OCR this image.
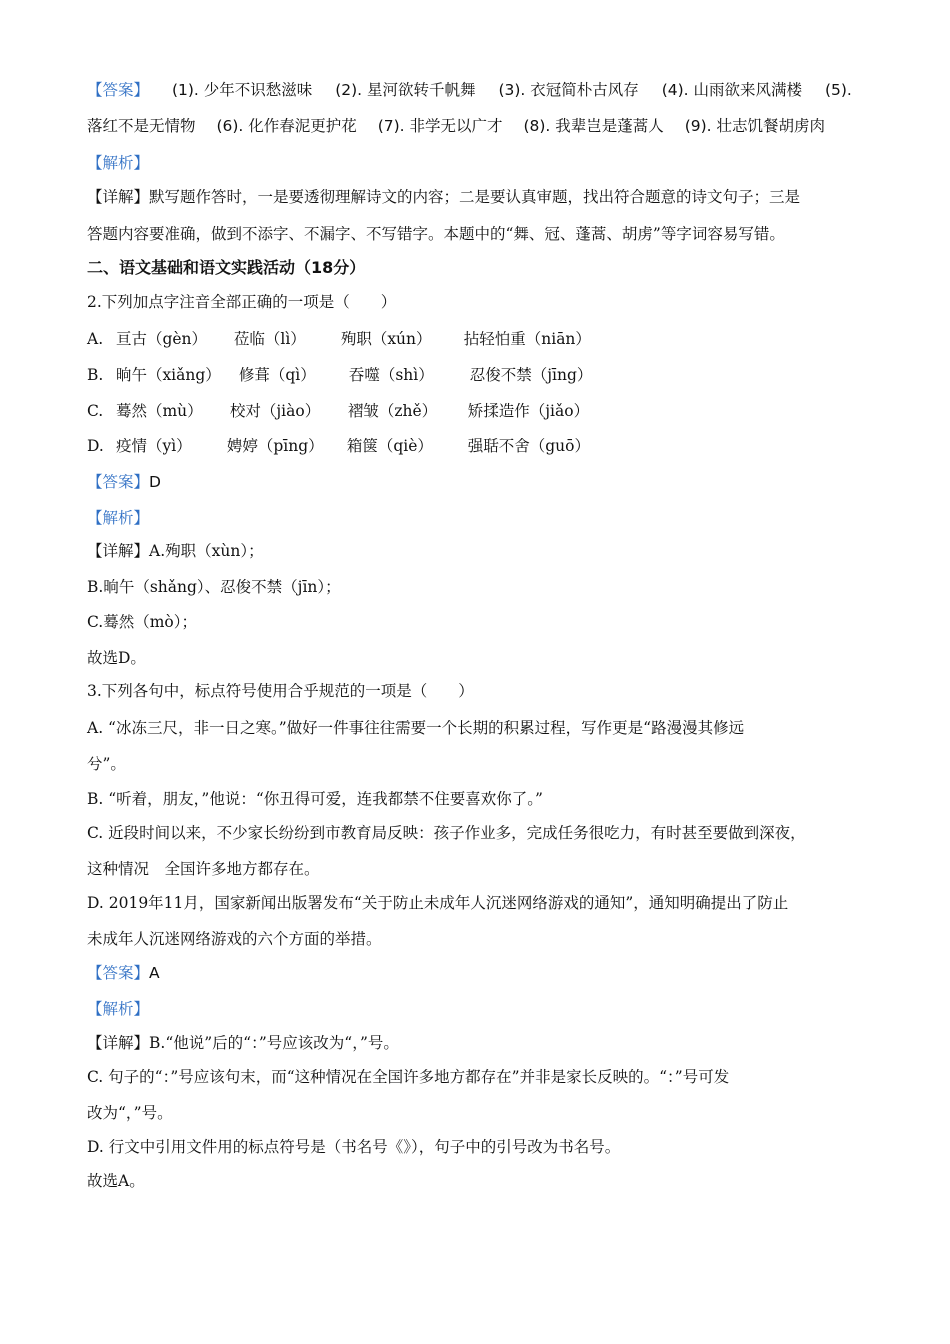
【答案】 (1). 少年不识愁滋味 (2). 星河欲转千帆舞 (3). 衣冠简朴古风存 (4). 山雨欲来风满楼 (5).
落红不是无情物 (6). 化作春泥更护花 (7). 非学无以广才 (8). 我辈岂是蓬蒿人 (9). 壮志饥餐胡虏肉
【解析】
【详解】默写题作答时，一是要透彻理解诗文的内容；二是要认真审题，找出符合题意的诗文句子；三是
答题内容要准确，做到不添字、不漏字、不写错字。本题中的“舞、冠、蓬蒿、胡虏”等字词容易写错。
二、语文基础和语文实践活动（18分）
2.下列加点字注音全部正确的一项是（　　）
A. 亘古（gèn） 莅临（lì） 殉职（xún） 拈轻怕重（niān）
B. 晌午（xiǎng） 修葺（qì） 吞噬（shì） 忍俊不禁（jīng）
C. 蓦然（mù） 校对（jiào） 褶皱（zhě） 矫揉造作（jiǎo）
D. 疫情（yì） 娉婷（pīng） 箱箧（qiè） 强聒不舍（guō）
【答案】D
【解析】
【详解】A.殉职（xùn）；
B.晌午（shǎng）、忍俊不禁（jīn）；
C.蓦然（mò）；
故选D。
3.下列各句中，标点符号使用合乎规范的一项是（　　）
A. “冰冻三尺，非一日之寒。”做好一件事往往需要一个长期的积累过程，写作更是“路漫漫其修远
兮”。
B. “听着，朋友，”他说：“你丑得可爱，连我都禁不住要喜欢你了。”
C. 近段时间以来，不少家长纷纷到市教育局反映：孩子作业多，完成任务很吃力，有时甚至要做到深夜，
这种情况　全国许多地方都存在。
D. 2019年11月，国家新闻出版署发布“关于防止未成年人沉迷网络游戏的通知”，通知明确提出了防止
未成年人沉迷网络游戏的六个方面的举措。
【答案】A
【解析】
【详解】B.“他说”后的“：”号应该改为“，”号。
C. 句子的“：”号应该句末，而“这种情况在全国许多地方都存在”并非是家长反映的。“：”号可发
改为“，”号。
D. 行文中引用文件用的标点符号是（书名号《》），句子中的引号改为书名号。
故选A。
